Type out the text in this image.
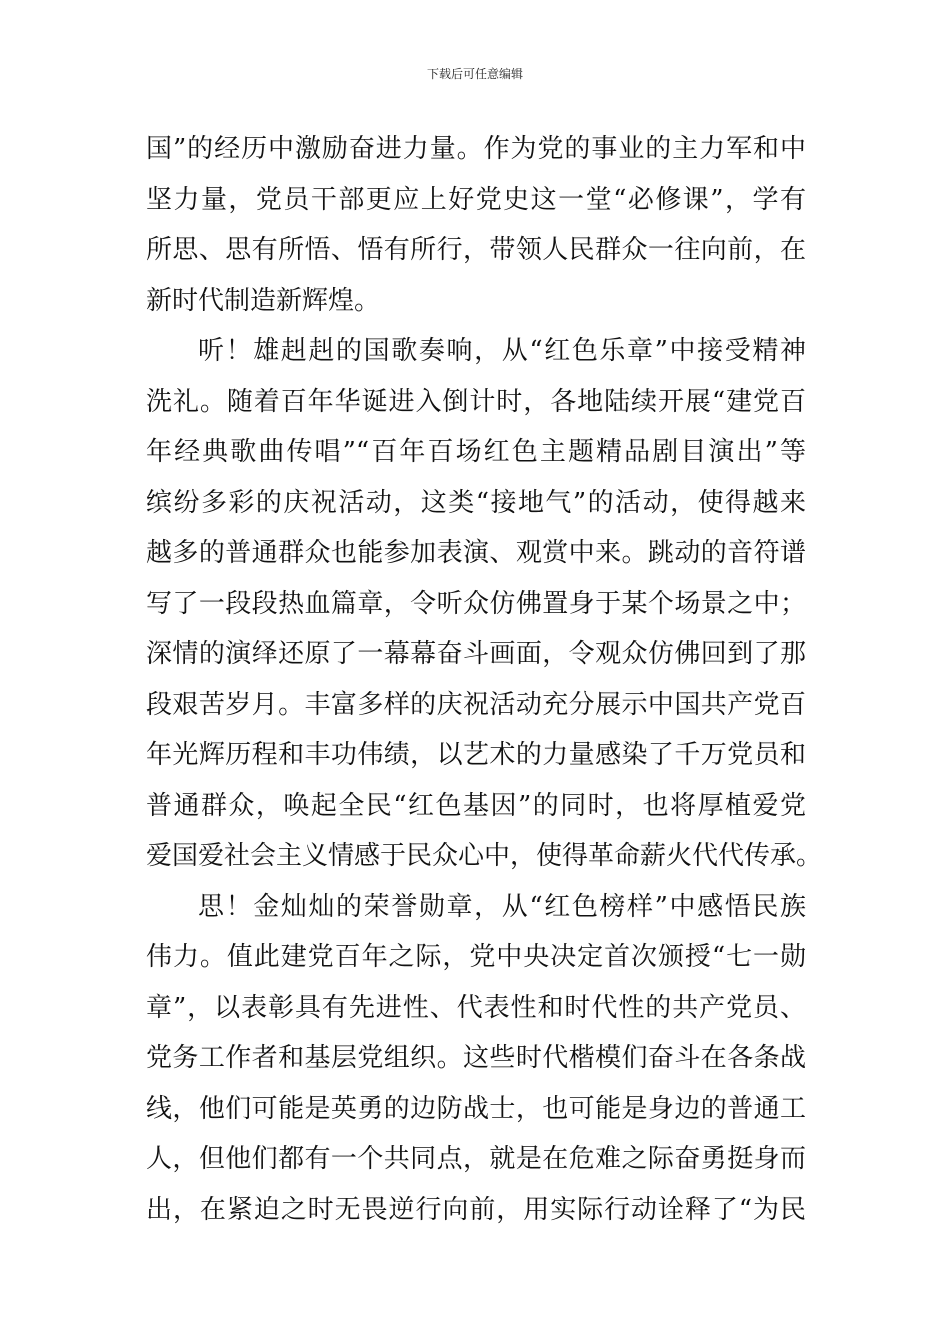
下载后可任意编辑
国”的经历中激励奋进力量。作为党的事业的主力军和中
坚力量，党员干部更应上好党史这一堂“必修课”，学有
所思、思有所悟、悟有所行，带领人民群众一往向前，在
新时代制造新辉煌。
听！雄赳赳的国歌奏响，从“红色乐章”中接受精神
洗礼。随着百年华诞进入倒计时，各地陆续开展“建党百
年经典歌曲传唱”“百年百场红色主题精品剧目演出”等
缤纷多彩的庆祝活动，这类“接地气”的活动，使得越来
越多的普通群众也能参加表演、观赏中来。跳动的音符谱
写了一段段热血篇章，令听众仿佛置身于某个场景之中；
深情的演绎还原了一幕幕奋斗画面，令观众仿佛回到了那
段艰苦岁月。丰富多样的庆祝活动充分展示中国共产党百
年光辉历程和丰功伟绩，以艺术的力量感染了千万党员和
普通群众，唤起全民“红色基因”的同时，也将厚植爱党
爱国爱社会主义情感于民众心中，使得革命薪火代代传承。
思！金灿灿的荣誉勋章，从“红色榜样”中感悟民族
伟力。值此建党百年之际，党中央决定首次颁授“七一勋
章”，以表彰具有先进性、代表性和时代性的共产党员、
党务工作者和基层党组织。这些时代楷模们奋斗在各条战
线，他们可能是英勇的边防战士，也可能是身边的普通工
人，但他们都有一个共同点，就是在危难之际奋勇挺身而
出，在紧迫之时无畏逆行向前，用实际行动诠释了“为民
